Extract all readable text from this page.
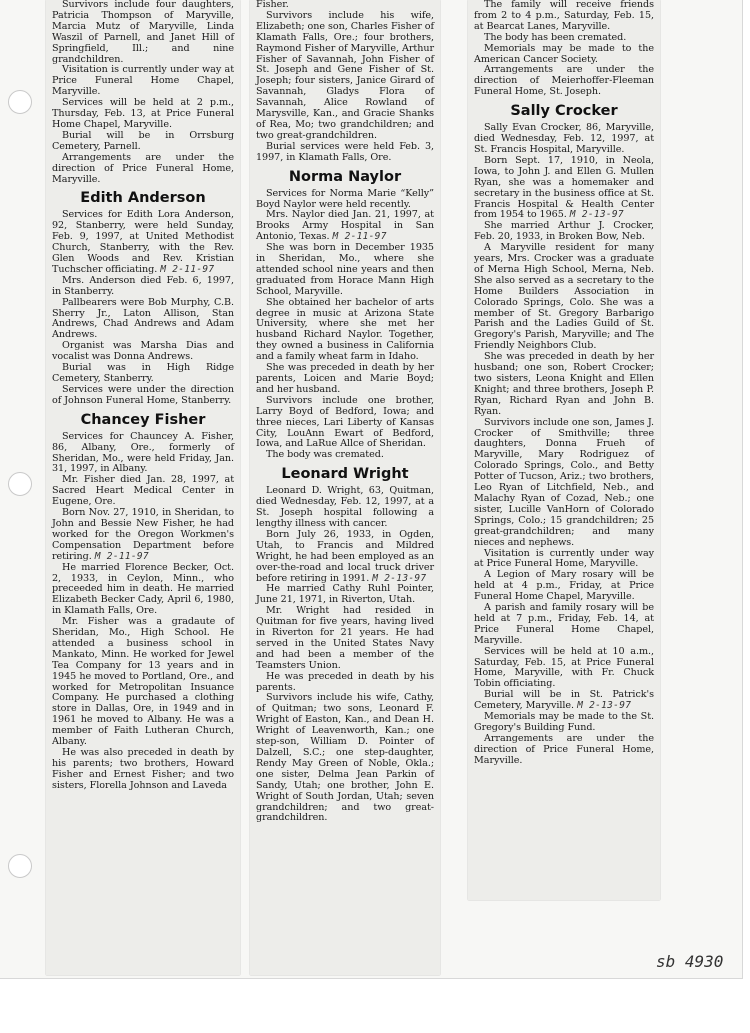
Survivors include four daughters, Patricia Thompson of Maryville, Marcia Mutz of Maryville, Linda Waszil of Parnell, and Janet Hill of Springfield, Ill.; and nine grandchildren.

Visitation is currently under way at Price Funeral Home Chapel, Maryville.

Services will be held at 2 p.m., Thursday, Feb. 13, at Price Funeral Home Chapel, Maryville.

Burial will be in Orrsburg Cemetery, Parnell.

Arrangements are under the direction of Price Funeral Home, Maryville.

Edith Anderson

Services for Edith Lora Anderson, 92, Stanberry, were held Sunday, Feb. 9, 1997, at United Methodist Church, Stanberry, with the Rev. Glen Woods and Rev. Kristian Tuchscher officiating. M 2-11-97

Mrs. Anderson died Feb. 6, 1997, in Stanberry.

Pallbearers were Bob Murphy, C.B. Sherry Jr., Laton Allison, Stan Andrews, Chad Andrews and Adam Andrews.

Organist was Marsha Dias and vocalist was Donna Andrews.

Burial was in High Ridge Cemetery, Stanberry.

Services were under the direction of Johnson Funeral Home, Stanberry.

Chancey Fisher

Services for Chauncey A. Fisher, 86, Albany, Ore., formerly of Sheridan, Mo., were held Friday, Jan. 31, 1997, in Albany.

Mr. Fisher died Jan. 28, 1997, at Sacred Heart Medical Center in Eugene, Ore.

Born Nov. 27, 1910, in Sheridan, to John and Bessie New Fisher, he had worked for the Oregon Workmen's Compensation Department before retiring. M 2-11-97

He married Florence Becker, Oct. 2, 1933, in Ceylon, Minn., who preceeded him in death. He married Elizabeth Becker Cady, April 6, 1980, in Klamath Falls, Ore.

Mr. Fisher was a gradaute of Sheridan, Mo., High School. He attended a business school in Mankato, Minn. He worked for Jewel Tea Company for 13 years and in 1945 he moved to Portland, Ore., and worked for Metropolitan Insuance Company. He purchased a clothing store in Dallas, Ore, in 1949 and in 1961 he moved to Albany. He was a member of Faith Lutheran Church, Albany.

He was also preceded in death by his parents; two brothers, Howard Fisher and Ernest Fisher; and two sisters, Florella Johnson and Laveda

Fisher.

Survivors include his wife, Elizabeth; one son, Charles Fisher of Klamath Falls, Ore.; four brothers, Raymond Fisher of Maryville, Arthur Fisher of Savannah, John Fisher of St. Joseph and Gene Fisher of St. Joseph; four sisters, Janice Girard of Savannah, Gladys Flora of Savannah, Alice Rowland of Marysville, Kan., and Gracie Shanks of Rea, Mo; two grandchildren; and two great-grandchildren.

Burial services were held Feb. 3, 1997, in Klamath Falls, Ore.

Norma Naylor

Services for Norma Marie “Kelly” Boyd Naylor were held recently.

Mrs. Naylor died Jan. 21, 1997, at Brooks Army Hospital in San Antonio, Texas. M 2-11-97

She was born in December 1935 in Sheridan, Mo., where she attended school nine years and then graduated from Horace Mann High School, Maryville.

She obtained her bachelor of arts degree in music at Arizona State University, where she met her husband Richard Naylor. Together, they owned a business in California and a family wheat farm in Idaho.

She was preceded in death by her parents, Loicen and Marie Boyd; and her husband.

Survivors include one brother, Larry Boyd of Bedford, Iowa; and three nieces, Lari Liberty of Kansas City, LouAnn Ewart of Bedford, Iowa, and LaRue Allce of Sheridan.

The body was cremated.

Leonard Wright

Leonard D. Wright, 63, Quitman, died Wednesday, Feb. 12, 1997, at a St. Joseph hospital following a lengthy illness with cancer.

Born July 26, 1933, in Ogden, Utah, to Francis and Mildred Wright, he had been employed as an over-the-road and local truck driver before retiring in 1991. M 2-13-97

He married Cathy Ruhl Pointer, June 21, 1971, in Riverton, Utah.

Mr. Wright had resided in Quitman for five years, having lived in Riverton for 21 years. He had served in the United States Navy and had been a member of the Teamsters Union.

He was preceded in death by his parents.

Survivors include his wife, Cathy, of Quitman; two sons, Leonard F. Wright of Easton, Kan., and Dean H. Wright of Leavenworth, Kan.; one step-son, William D. Pointer of Dalzell, S.C.; one step-daughter, Rendy May Green of Noble, Okla.; one sister, Delma Jean Parkin of Sandy, Utah; one brother, John E. Wright of South Jordan, Utah; seven grandchildren; and two great-grandchildren.

The family will receive friends from 2 to 4 p.m., Saturday, Feb. 15, at Bearcat Lanes, Maryville.

The body has been cremated.

Memorials may be made to the American Cancer Society.

Arrangements are under the direction of Meierhoffer-Fleeman Funeral Home, St. Joseph.

Sally Crocker

Sally Evan Crocker, 86, Maryville, died Wednesday, Feb. 12, 1997, at St. Francis Hospital, Maryville.

Born Sept. 17, 1910, in Neola, Iowa, to John J. and Ellen G. Mullen Ryan, she was a homemaker and secretary in the business office at St. Francis Hospital & Health Center from 1954 to 1965. M 2-13-97

She married Arthur J. Crocker, Feb. 20, 1933, in Broken Bow, Neb.

A Maryville resident for many years, Mrs. Crocker was a graduate of Merna High School, Merna, Neb. She also served as a secretary to the Home Builders Association in Colorado Springs, Colo. She was a member of St. Gregory Barbarigo Parish and the Ladies Guild of St. Gregory's Parish, Maryville; and The Friendly Neighbors Club.

She was preceded in death by her husband; one son, Robert Crocker; two sisters, Leona Knight and Ellen Knight; and three brothers, Joseph P. Ryan, Richard Ryan and John B. Ryan.

Survivors include one son, James J. Crocker of Smithville; three daughters, Donna Frueh of Maryville, Mary Rodriguez of Colorado Springs, Colo., and Betty Potter of Tucson, Ariz.; two brothers, Leo Ryan of Litchfield, Neb., and Malachy Ryan of Cozad, Neb.; one sister, Lucille VanHorn of Colorado Springs, Colo.; 15 grandchildren; 25 great-grandchildren; and many nieces and nephews.

Visitation is currently under way at Price Funeral Home, Maryville.

A Legion of Mary rosary will be held at 4 p.m., Friday, at Price Funeral Home Chapel, Maryville.

A parish and family rosary will be held at 7 p.m., Friday, Feb. 14, at Price Funeral Home Chapel, Maryville.

Services will be held at 10 a.m., Saturday, Feb. 15, at Price Funeral Home, Maryville, with Fr. Chuck Tobin officiating.

Burial will be in St. Patrick's Cemetery, Maryville. M 2-13-97

Memorials may be made to the St. Gregory's Building Fund.

Arrangements are under the direction of Price Funeral Home, Maryville.

sb 4930
